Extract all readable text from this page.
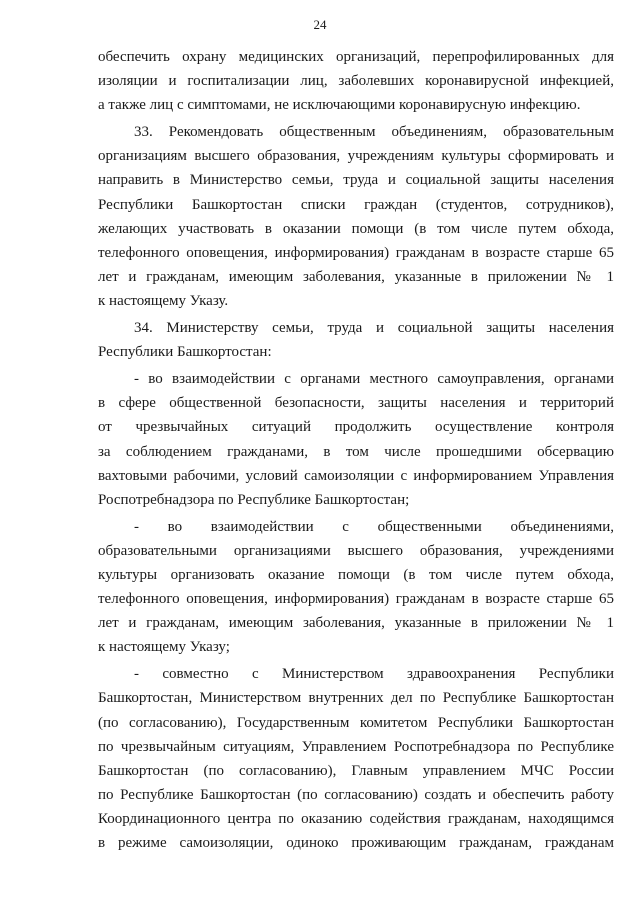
24

обеспечить охрану медицинских организаций, перепрофилированных для

изоляции и госпитализации лиц, заболевших коронавирусной инфекцией,

а также лиц с симптомами, не исключающими коронавирусную инфекцию.

33. Рекомендовать общественным объединениям, образовательным

организациям высшего образования, учреждениям культуры сформировать и

направить в Министерство семьи, труда и социальной защиты населения

Республики Башкортостан списки граждан (студентов, сотрудников),

желающих участвовать в оказании помощи (в том числе путем обхода,

телефонного оповещения, информирования) гражданам в возрасте старше 65

лет и гражданам, имеющим заболевания, указанные в приложении № 1

к настоящему Указу.

34. Министерству семьи, труда и социальной защиты населения

Республики Башкортостан:

- во взаимодействии с органами местного самоуправления, органами

в сфере общественной безопасности, защиты населения и территорий

от чрезвычайных ситуаций продолжить осуществление контроля

за соблюдением гражданами, в том числе прошедшими обсервацию

вахтовыми рабочими, условий самоизоляции с информированием Управления

Роспотребнадзора по Республике Башкортостан;

- во взаимодействии с общественными объединениями,

образовательными организациями высшего образования, учреждениями

культуры организовать оказание помощи (в том числе путем обхода,

телефонного оповещения, информирования) гражданам в возрасте старше 65

лет и гражданам, имеющим заболевания, указанные в приложении № 1

к настоящему Указу;

- совместно с Министерством здравоохранения Республики

Башкортостан, Министерством внутренних дел по Республике Башкортостан

(по согласованию), Государственным комитетом Республики Башкортостан

по чрезвычайным ситуациям, Управлением Роспотребнадзора по Республике

Башкортостан (по согласованию), Главным управлением МЧС России

по Республике Башкортостан (по согласованию) создать и обеспечить работу

Координационного центра по оказанию содействия гражданам, находящимся

в режиме самоизоляции, одиноко проживающим гражданам, гражданам
